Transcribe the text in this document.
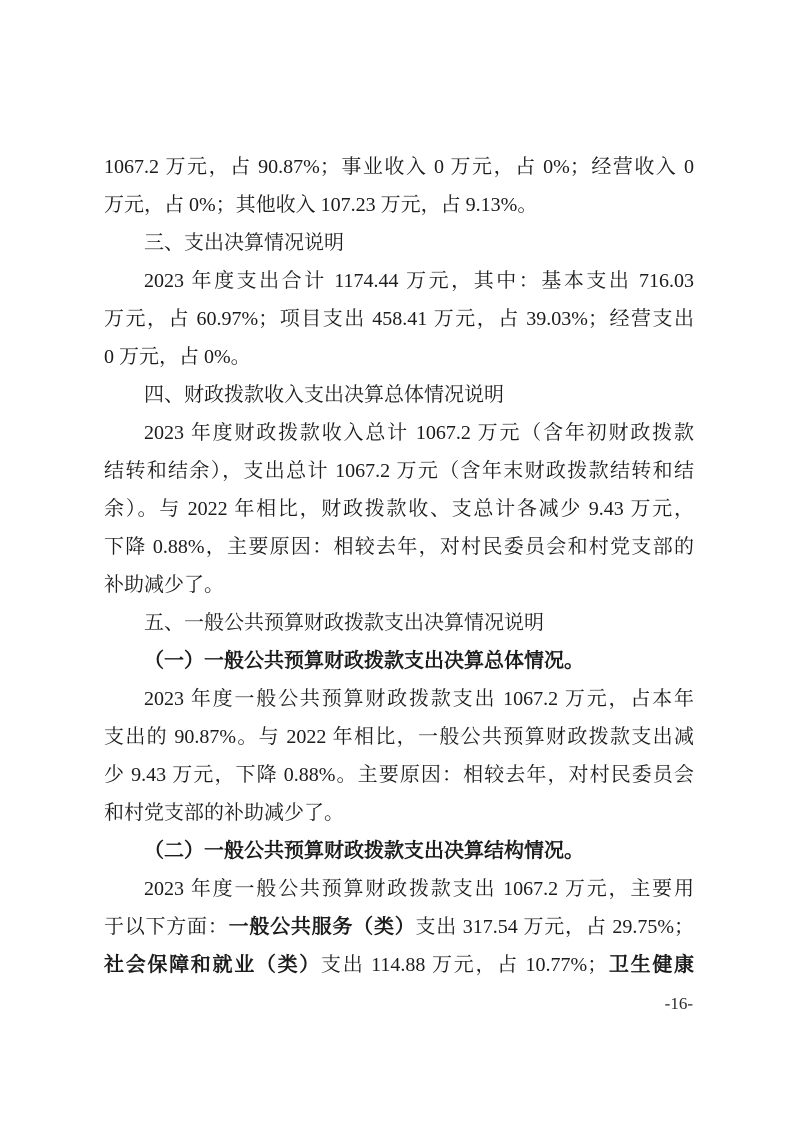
1067.2 万元，占 90.87%；事业收入 0 万元，占 0%；经营收入 0

万元，占 0%；其他收入 107.23 万元，占 9.13%。

三、支出决算情况说明

2023 年度支出合计 1174.44 万元，其中：基本支出 716.03

万元，占 60.97%；项目支出 458.41 万元，占 39.03%；经营支出

0 万元，占 0%。

四、财政拨款收入支出决算总体情况说明

2023 年度财政拨款收入总计 1067.2 万元（含年初财政拨款

结转和结余），支出总计 1067.2 万元（含年末财政拨款结转和结

余）。与 2022 年相比，财政拨款收、支总计各减少 9.43 万元，

下降 0.88%，主要原因：相较去年，对村民委员会和村党支部的

补助减少了。

五、一般公共预算财政拨款支出决算情况说明

（一）一般公共预算财政拨款支出决算总体情况。

2023 年度一般公共预算财政拨款支出 1067.2 万元，占本年

支出的 90.87%。与 2022 年相比，一般公共预算财政拨款支出减

少 9.43 万元，下降 0.88%。主要原因：相较去年，对村民委员会

和村党支部的补助减少了。

（二）一般公共预算财政拨款支出决算结构情况。

2023 年度一般公共预算财政拨款支出 1067.2 万元，主要用

于以下方面：一般公共服务（类）支出 317.54 万元，占 29.75%；

社会保障和就业（类）支出 114.88 万元，占 10.77%；卫生健康

-16-
